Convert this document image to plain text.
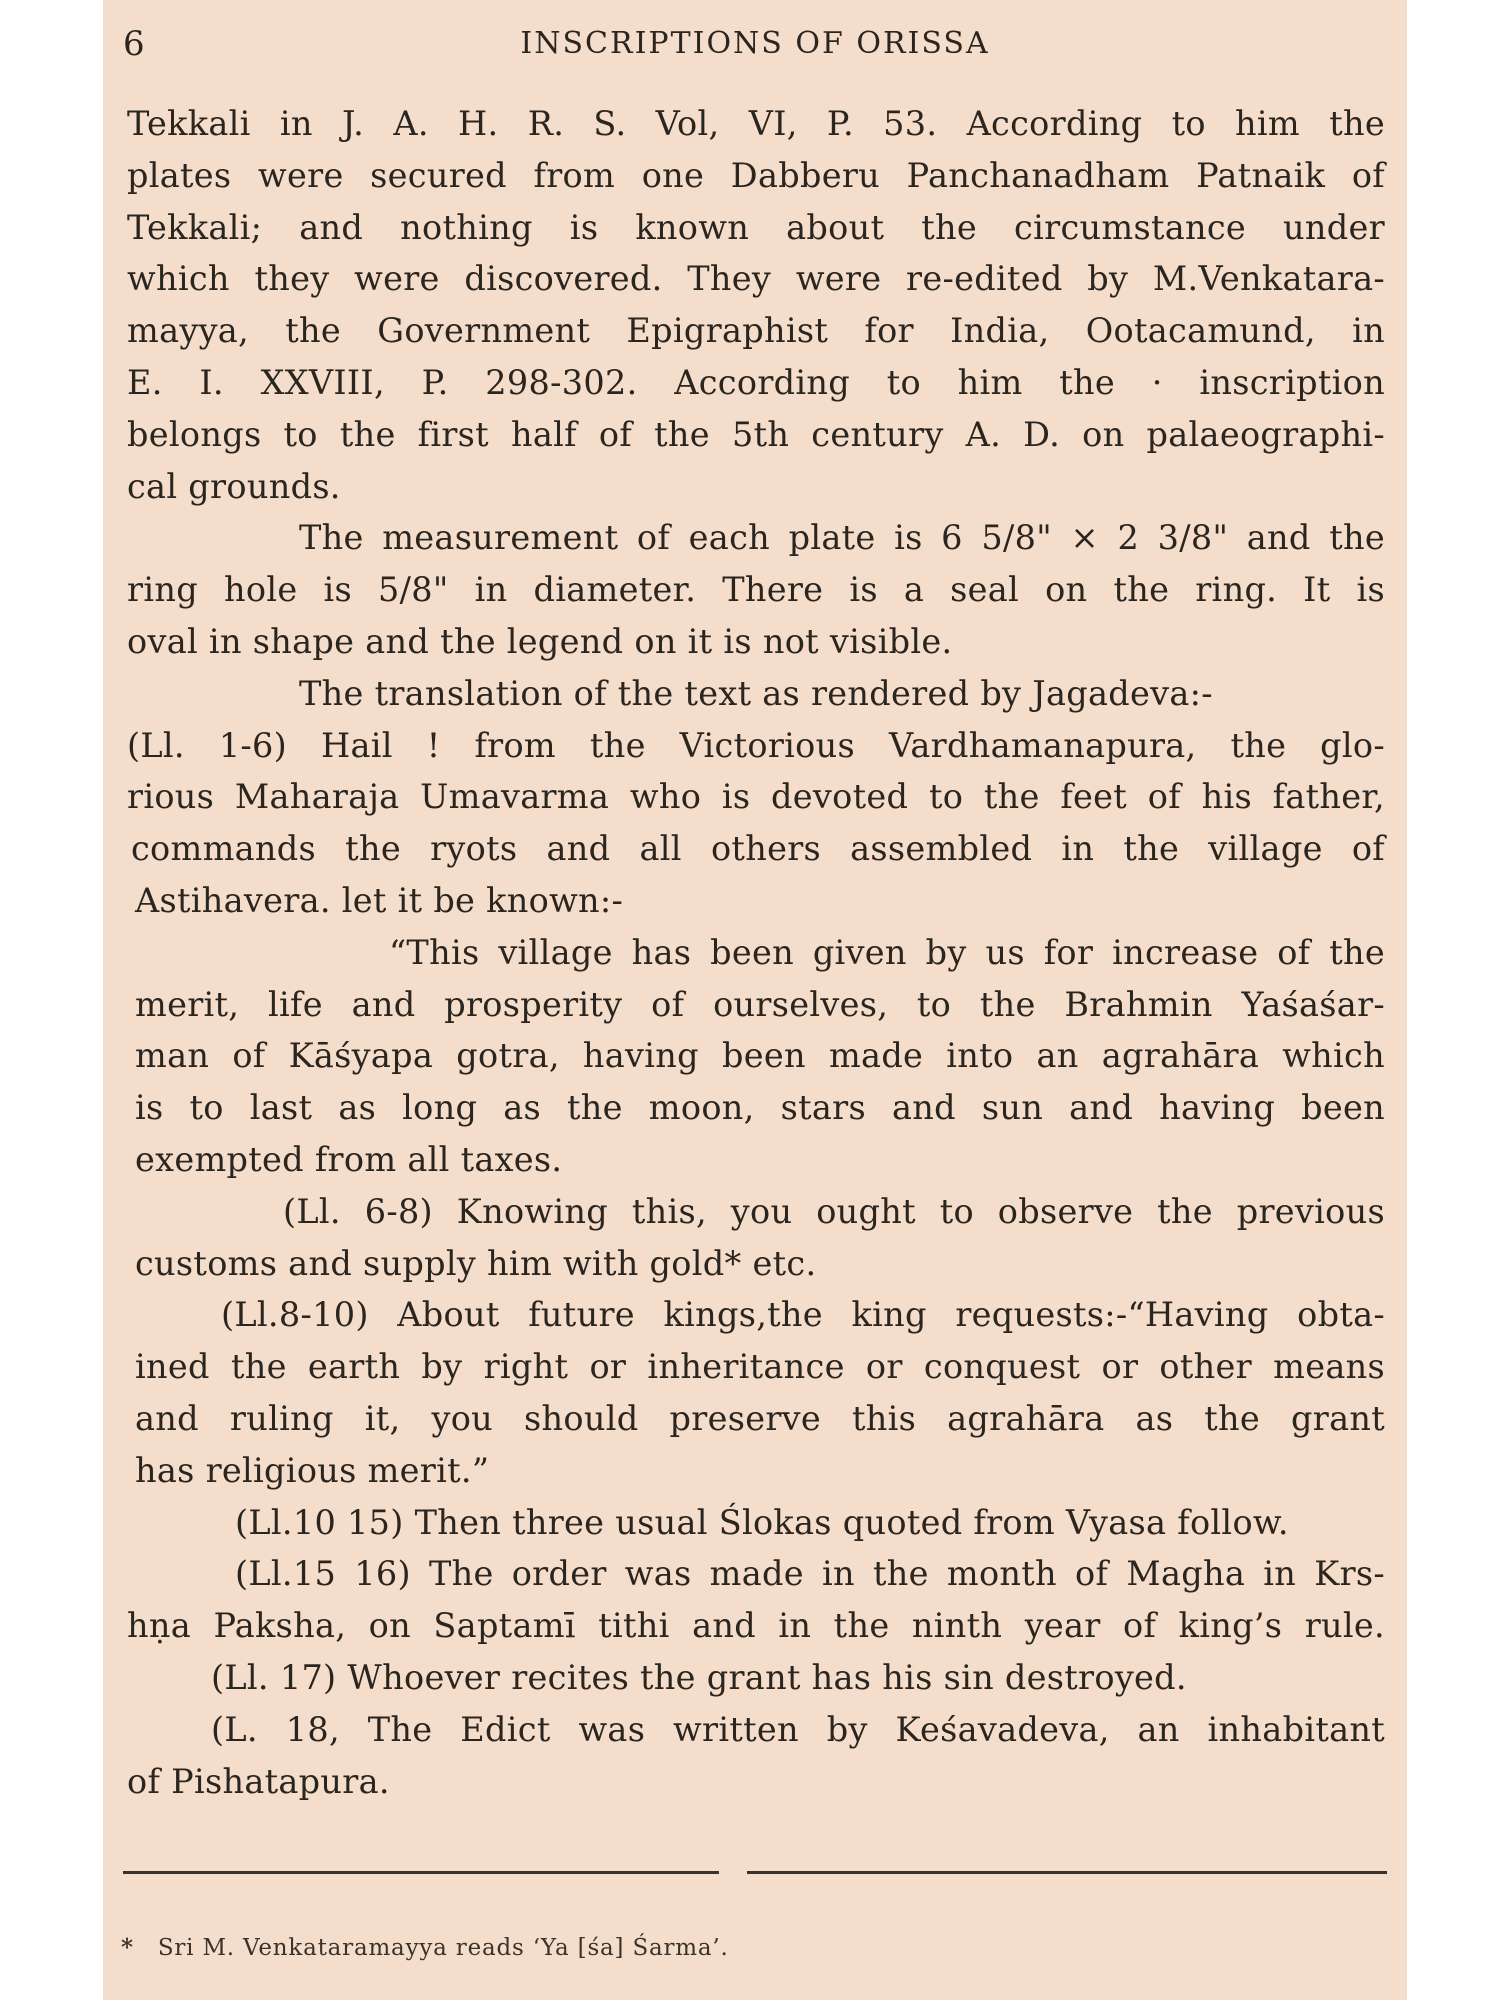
6	INSCRIPTIONS OF ORISSA
Tekkali in J. A. H. R. S. Vol, VI, P. 53. According to him the
plates were secured from one Dabberu Panchanadham Patnaik of
Tekkali; and nothing is known about the circumstance under
which they were discovered. They were re-edited by M.Venkatara-
mayya, the Government Epigraphist for India, Ootacamund, in
E. I. XXVIII, P. 298-302. According to him the · inscription
belongs to the first half of the 5th century A. D. on palaeographi-
cal grounds.
The measurement of each plate is 6 5/8" × 2 3/8" and the
ring hole is 5/8" in diameter. There is a seal on the ring. It is
oval in shape and the legend on it is not visible.
The translation of the text as rendered by Jagadeva:-
(Ll. 1-6) Hail ! from the Victorious Vardhamanapura, the glo-
rious Maharaja Umavarma who is devoted to the feet of his father,
commands the ryots and all others assembled in the village of
Astihavera. let it be known:-
“This village has been given by us for increase of the
merit, life and prosperity of ourselves, to the Brahmin Yaśaśar-
man of Kāśyapa gotra, having been made into an agrahāra which
is to last as long as the moon, stars and sun and having been
exempted from all taxes.
(Ll. 6-8) Knowing this, you ought to observe the previous
customs and supply him with gold* etc.
(Ll.8-10) About future kings,the king requests:-“Having obta-
ined the earth by right or inheritance or conquest or other means
and ruling it, you should preserve this agrahāra as the grant
has religious merit.”
(Ll.10 15) Then three usual Ślokas quoted from Vyasa follow.
(Ll.15 16) The order was made in the month of Magha in Krs-
hṇa Paksha, on Saptamī tithi and in the ninth year of king’s rule.
(Ll. 17) Whoever recites the grant has his sin destroyed.
(L. 18, The Edict was written by Keśavadeva, an inhabitant
of Pishatapura.
* Sri M. Venkataramayya reads ‘Ya [śa] Śarma’.
